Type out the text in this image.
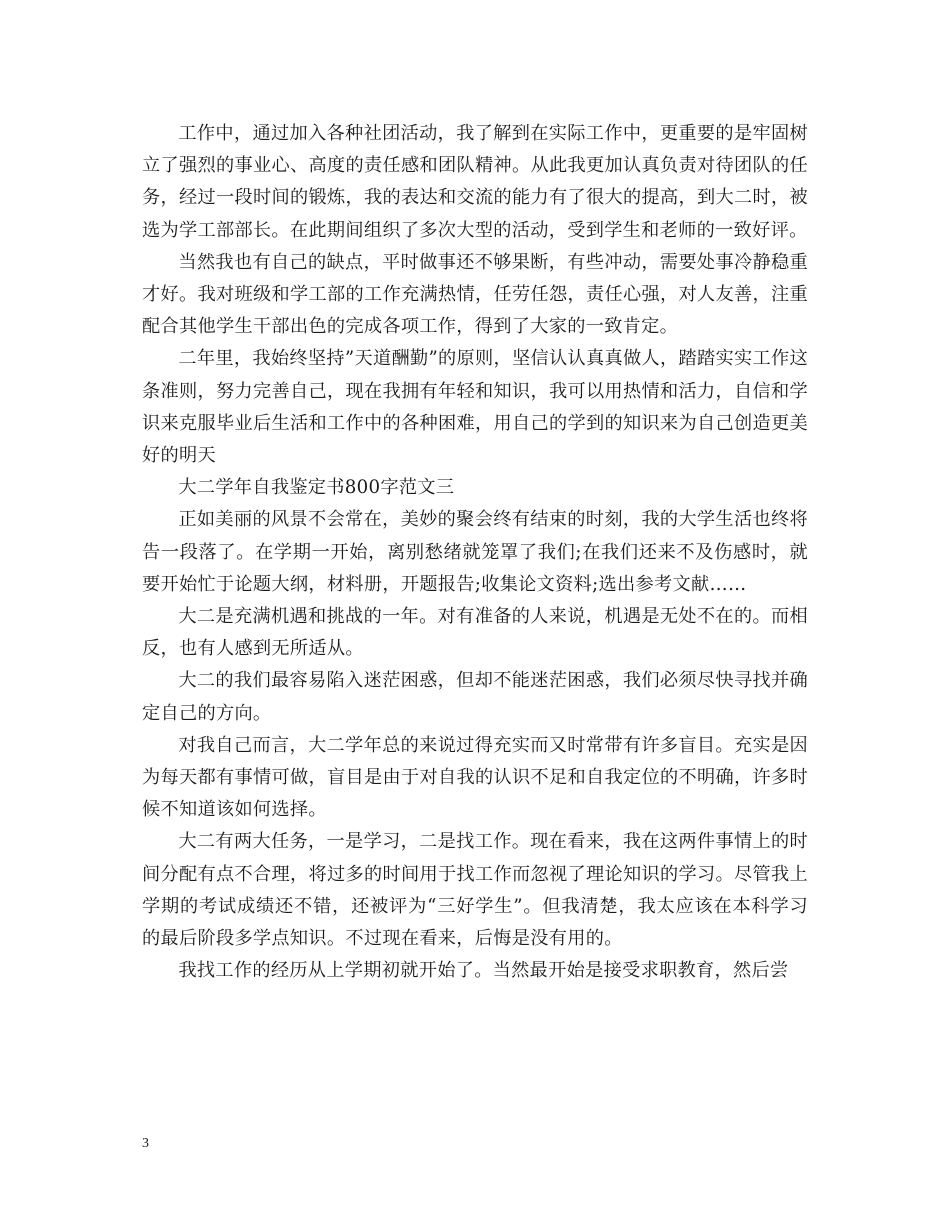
工作中，通过加入各种社团活动，我了解到在实际工作中，更重要的是牢固树立了强烈的事业心、高度的责任感和团队精神。从此我更加认真负责对待团队的任务，经过一段时间的锻炼，我的表达和交流的能力有了很大的提高，到大二时，被选为学工部部长。在此期间组织了多次大型的活动，受到学生和老师的一致好评。

当然我也有自己的缺点，平时做事还不够果断，有些冲动，需要处事冷静稳重才好。我对班级和学工部的工作充满热情，任劳任怨，责任心强，对人友善，注重配合其他学生干部出色的完成各项工作，得到了大家的一致肯定。

二年里，我始终坚持”天道酬勤”的原则，坚信认认真真做人，踏踏实实工作这条准则，努力完善自己，现在我拥有年轻和知识，我可以用热情和活力，自信和学识来克服毕业后生活和工作中的各种困难，用自己的学到的知识来为自己创造更美好的明天

大二学年自我鉴定书800字范文三

正如美丽的风景不会常在，美妙的聚会终有结束的时刻，我的大学生活也终将告一段落了。在学期一开始，离别愁绪就笼罩了我们;在我们还来不及伤感时，就要开始忙于论题大纲，材料册，开题报告;收集论文资料;选出参考文献……

大二是充满机遇和挑战的一年。对有准备的人来说，机遇是无处不在的。而相反，也有人感到无所适从。

大二的我们最容易陷入迷茫困惑，但却不能迷茫困惑，我们必须尽快寻找并确定自己的方向。

对我自己而言，大二学年总的来说过得充实而又时常带有许多盲目。充实是因为每天都有事情可做，盲目是由于对自我的认识不足和自我定位的不明确，许多时候不知道该如何选择。

大二有两大任务，一是学习，二是找工作。现在看来，我在这两件事情上的时间分配有点不合理，将过多的时间用于找工作而忽视了理论知识的学习。尽管我上学期的考试成绩还不错，还被评为“三好学生”。但我清楚，我太应该在本科学习的最后阶段多学点知识。不过现在看来，后悔是没有用的。

我找工作的经历从上学期初就开始了。当然最开始是接受求职教育，然后尝

3
